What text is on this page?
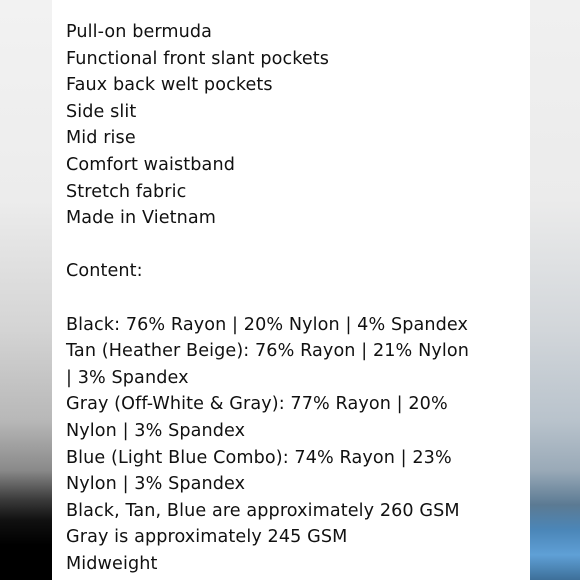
Pull-on bermuda
Functional front slant pockets
Faux back welt pockets
Side slit
Mid rise
Comfort waistband
Stretch fabric
Made in Vietnam
Content:
Black: 76% Rayon | 20% Nylon | 4% Spandex
Tan (Heather Beige): 76% Rayon | 21% Nylon
| 3% Spandex
Gray (Off-White & Gray): 77% Rayon | 20%
Nylon | 3% Spandex
Blue (Light Blue Combo): 74% Rayon | 23%
Nylon | 3% Spandex
Black, Tan, Blue are approximately 260 GSM
Gray is approximately 245 GSM
Midweight
